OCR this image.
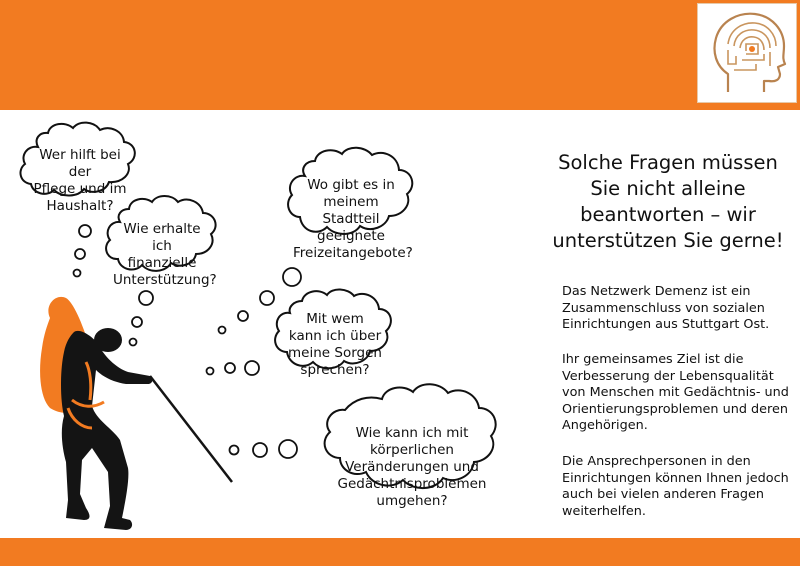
Wer hilft bei der
Pflege und im
Haushalt?
Wie erhalte ich
finanzielle
Unterstützung?
Wo gibt es in
meinem Stadtteil
geeignete
Freizeitangebote?
Mit wem
kann ich über
meine Sorgen
sprechen?
Wie kann ich mit
körperlichen
Veränderungen und
Gedächtnisproblemen
umgehen?
Solche Fragen müssen Sie nicht alleine beantworten – wir unterstützen Sie gerne!

Das Netzwerk Demenz ist ein Zusammenschluss von sozialen Einrichtungen aus Stuttgart Ost.

Ihr gemeinsames Ziel ist die Verbesserung der Lebensqualität von Menschen mit Gedächtnis- und Orientierungsproblemen und deren Angehörigen.

Die Ansprechpersonen in den Einrichtungen können Ihnen jedoch auch bei vielen anderen Fragen weiterhelfen.
